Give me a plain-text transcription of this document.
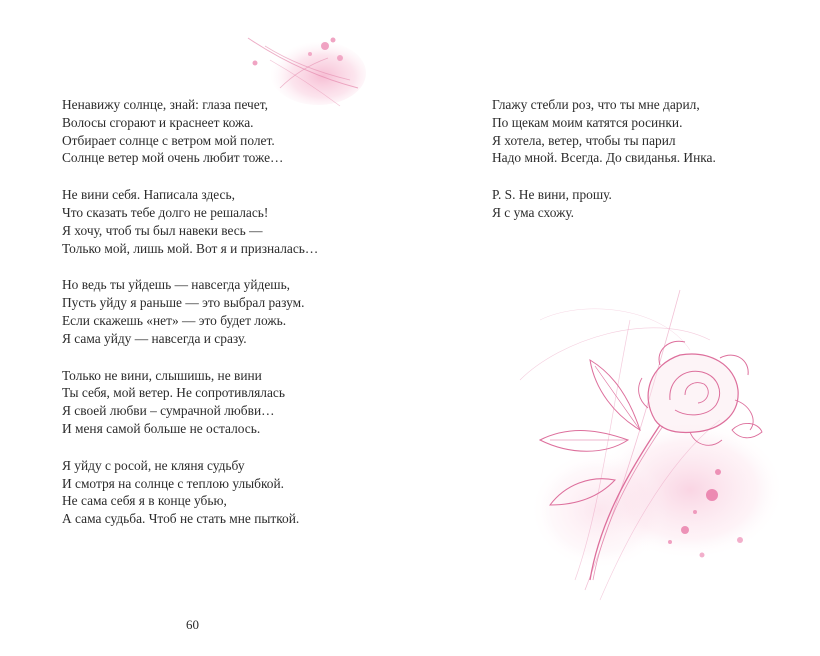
Ненавижу солнце, знай: глаза печет,
Волосы сгорают и краснеет кожа.
Отбирает солнце с ветром мой полет.
Солнце ветер мой очень любит тоже…
Не вини себя. Написала здесь,
Что сказать тебе долго не решалась!
Я хочу, чтоб ты был навеки весь —
Только мой, лишь мой. Вот я и призналась…
Но ведь ты уйдешь — навсегда уйдешь,
Пусть уйду я раньше — это выбрал разум.
Если скажешь «нет» — это будет ложь.
Я сама уйду — навсегда и сразу.
Только не вини, слышишь, не вини
Ты себя, мой ветер. Не сопротивлялась
Я своей любви – сумрачной любви…
И меня самой больше не осталось.
Я уйду с росой, не кляня судьбу
И смотря на солнце с теплою улыбкой.
Не сама себя я в конце убью,
А сама судьба. Чтоб не стать мне пыткой.
60
Глажу стебли роз, что ты мне дарил,
По щекам моим катятся росинки.
Я хотела, ветер, чтобы ты парил
Надо мной. Всегда. До свиданья. Инка.
P. S. Не вини, прошу.
Я с ума схожу.
